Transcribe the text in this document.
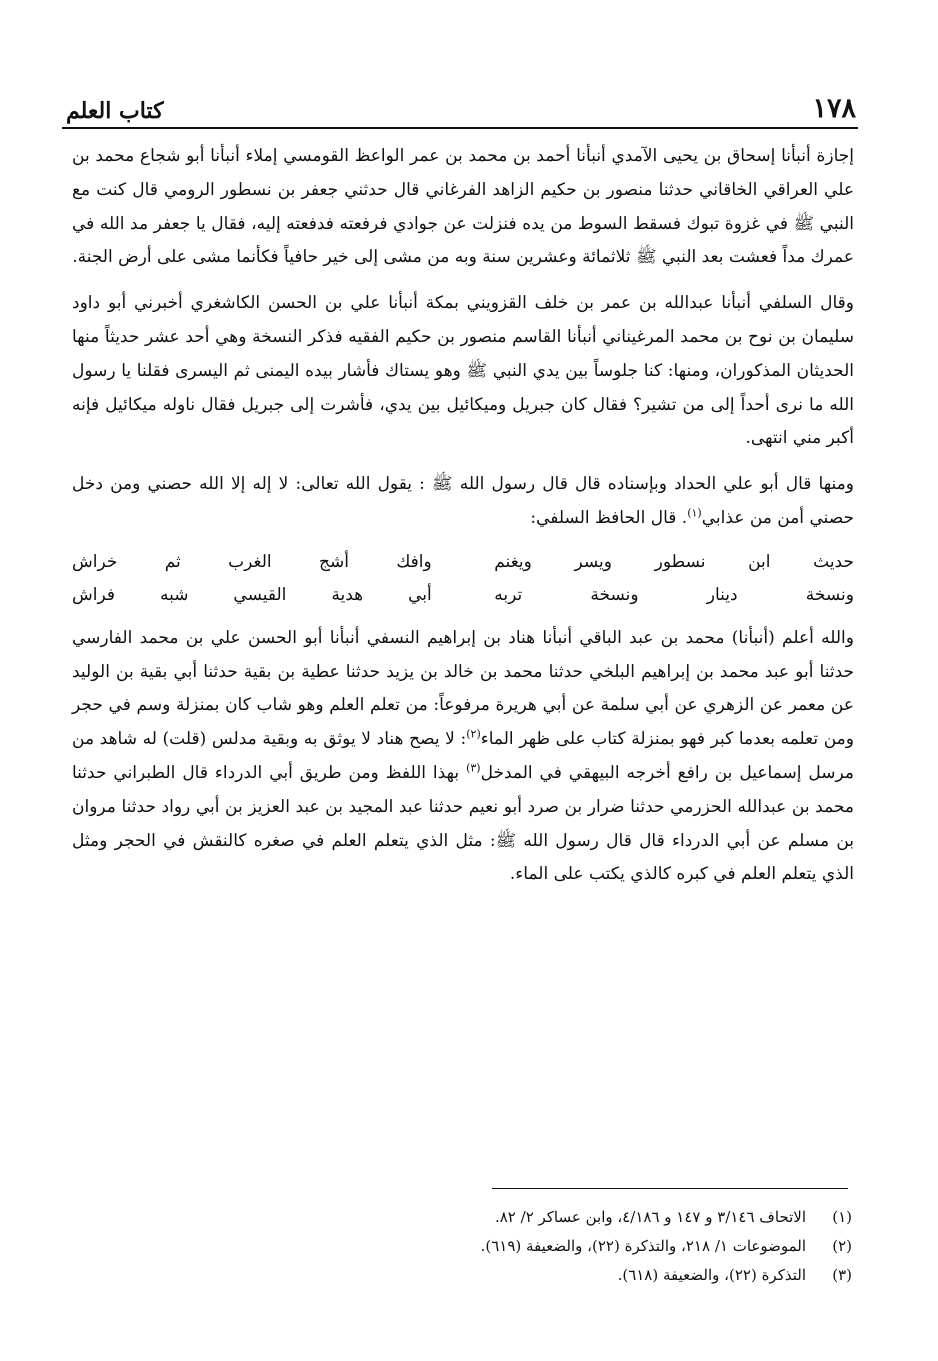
١٧٨
كتاب العلم

إجازة أنبأنا إسحاق بن يحيى الآمدي أنبأنا أحمد بن محمد بن عمر الواعظ القومسي إملاء أنبأنا أبو شجاع محمد بن علي العراقي الخاقاني حدثنا منصور بن حكيم الزاهد الفرغاني قال حدثني جعفر بن نسطور الرومي قال كنت مع النبي ﷺ في غزوة تبوك فسقط السوط من يده فنزلت عن جوادي فرفعته فدفعته إليه، فقال يا جعفر مد الله في عمرك مداً فعشت بعد النبي ﷺ ثلاثمائة وعشرين سنة وبه من مشى إلى خير حافياً فكأنما مشى على أرض الجنة.

وقال السلفي أنبأنا عبدالله بن عمر بن خلف القزويني بمكة أنبأنا علي بن الحسن الكاشغري أخبرني أبو داود سليمان بن نوح بن محمد المرغيناني أنبأنا القاسم منصور بن حكيم الفقيه فذكر النسخة وهي أحد عشر حديثاً منها الحديثان المذكوران، ومنها: كنا جلوساً بين يدي النبي ﷺ وهو يستاك فأشار بيده اليمنى ثم اليسرى فقلنا يا رسول الله ما نرى أحداً إلى من تشير؟ فقال كان جبريل وميكائيل بين يدي، فأشرت إلى جبريل فقال ناوله ميكائيل فإنه أكبر مني انتهى.

ومنها قال أبو علي الحداد وبإسناده قال قال رسول الله ﷺ : يقول الله تعالى: لا إله إلا الله حصني ومن دخل حصني أمن من عذابي$^{(١)}$. قال الحافظ السلفي:

حديث ابن نسطور ويسر ويغنم
وافك أشج الغرب ثم خراش
ونسخة دينار ونسخة تربه
أبي هدية القيسي شبه فراش

والله أعلم (أنبأنا) محمد بن عبد الباقي أنبأنا هناد بن إبراهيم النسفي أنبأنا أبو الحسن علي بن محمد الفارسي حدثنا أبو عبد محمد بن إبراهيم البلخي حدثنا محمد بن خالد بن يزيد حدثنا عطية بن بقية حدثنا أبي بقية بن الوليد عن معمر عن الزهري عن أبي سلمة عن أبي هريرة مرفوعاً: من تعلم العلم وهو شاب كان بمنزلة وسم في حجر ومن تعلمه بعدما كبر فهو بمنزلة كتاب على ظهر الماء$^{(٢)}$: لا يصح هناد لا يوثق به وبقية مدلس (قلت) له شاهد من مرسل إسماعيل بن رافع أخرجه البيهقي في المدخل$^{(٣)}$ بهذا اللفظ ومن طريق أبي الدرداء قال الطبراني حدثنا محمد بن عبدالله الحزرمي حدثنا ضرار بن صرد أبو نعيم حدثنا عبد المجيد بن عبد العزيز بن أبي رواد حدثنا مروان بن مسلم عن أبي الدرداء قال قال رسول الله ﷺ: مثل الذي يتعلم العلم في صغره كالنقش في الحجر ومثل الذي يتعلم العلم في كبره كالذي يكتب على الماء.

(١)
الاتحاف ٣/١٤٦ و ١٤٧ و ٤/١٨٦، وابن عساكر ٢/ ٨٢.
(٢)
الموضوعات ١/ ٢١٨، والتذكرة (٢٢)، والضعيفة (٦١٩).
(٣)
التذكرة (٢٢)، والضعيفة (٦١٨).
